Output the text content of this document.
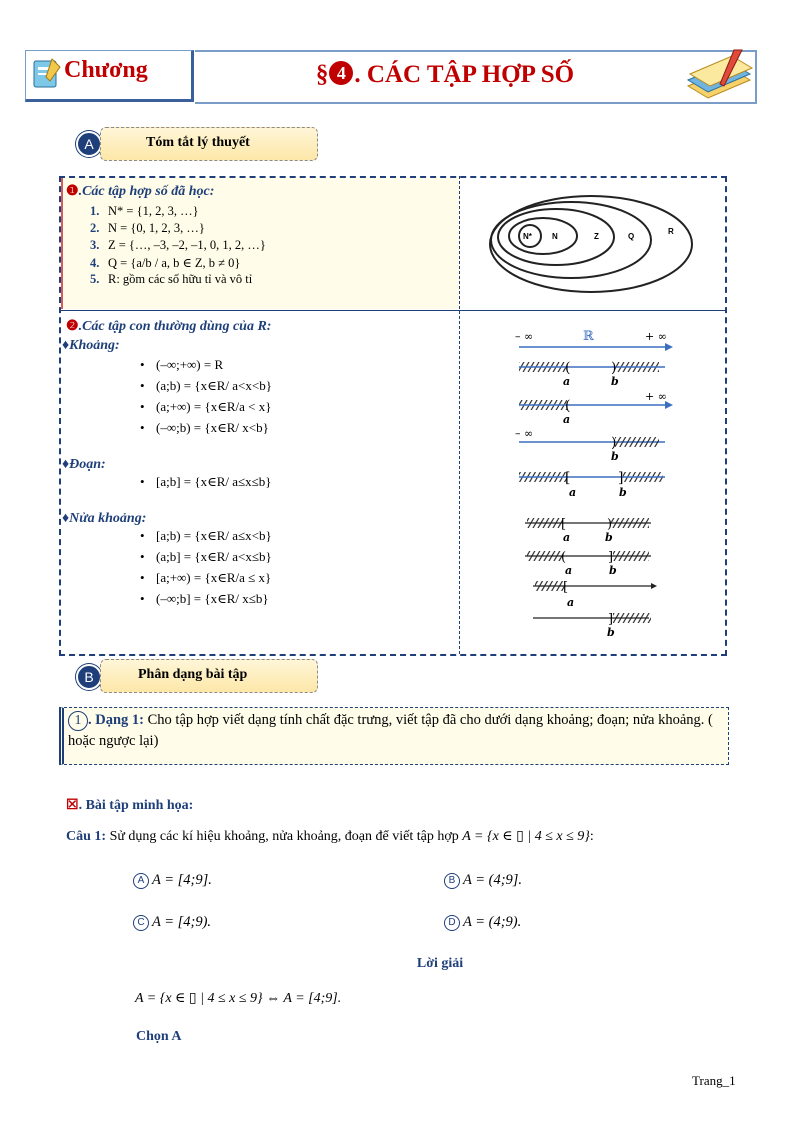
Chương	§ 4 . CÁC TẬP HỢP SỐ
A	Tóm tắt lý thuyết
❶.Các tập hợp số đã học:
1. N* = {1, 2, 3, …}
2. N = {0, 1, 2, 3, …}
3. Z = {…, –3, –2, –1, 0, 1, 2, …}
4. Q = {a/b / a, b ∈ Z, b ≠ 0}
5. R: gồm các số hữu tỉ và vô tỉ
N*	N	Z	Q
R
❷.Các tập con thường dùng của R:
♦Khoảng:
• (–∞;+∞) = R
• (a;b) = {x∈R/ a<x<b}
• (a;+∞) = {x∈R/a < x}
• (–∞;b) = {x∈R/ x<b}
♦Đoạn:
• [a;b] = {x∈R/ a≤x≤b}
♦Nửa khoảng:
• [a;b) = {x∈R/ a≤x<b}
• (a;b] = {x∈R/ a<x≤b}
• [a;+∞) = {x∈R/a ≤ x}
• (–∞;b] = {x∈R/ x≤b}
– ∞	ℝ	+ ∞
(	)
a	b
(
+ ∞
a
– ∞
)
b
[	]
a	b
[	)
a	b
(	]
a	b
[
a
]
b
B	Phân dạng bài tập
1 . Dạng 1: Cho tập hợp viết dạng tính chất đặc trưng, viết tập đã cho dưới dạng khoảng; đoạn; nửa khoảng. ( hoặc ngược lại)
☒. Bài tập minh họa:
Câu 1: Sử dụng các kí hiệu khoảng, nửa khoảng, đoạn để viết tập hợp A = {x ∈ ▯ | 4 ≤ x ≤ 9}:
A A = [4;9].	B A = (4;9].
C A = [4;9).	D A = (4;9).
Lời giải
A = {x ∈ ▯ | 4 ≤ x ≤ 9} ⇔ A = [4;9].
Chọn A
Trang_1
